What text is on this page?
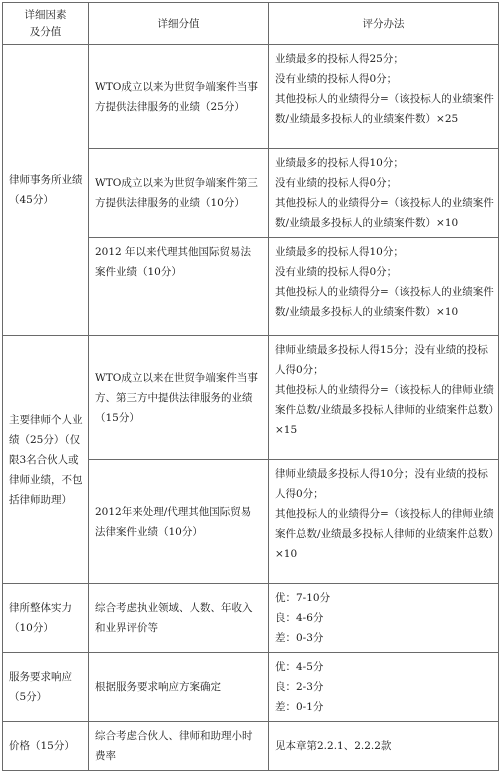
详细因素
及分值	详细分值	评分办法
律师事务所业绩（45分）	WTO成立以来为世贸争端案件当事方提供法律服务的业绩（25分）	业绩最多的投标人得25分；
没有业绩的投标人得0分；
其他投标人的业绩得分=（该投标人的业绩案件数/业绩最多投标人的业绩案件数）×25

	WTO成立以来为世贸争端案件第三方提供法律服务的业绩（10分）	业绩最多的投标人得10分；
没有业绩的投标人得0分；
其他投标人的业绩得分=（该投标人的业绩案件数/业绩最多投标人的业绩案件数）×10

	2012 年以来代理其他国际贸易法案件业绩（10分）	业绩最多的投标人得10分；
没有业绩的投标人得0分；
其他投标人的业绩得分=（该投标人的业绩案件数/业绩最多投标人的业绩案件数）×10

主要律师个人业绩（25分）（仅限3名合伙人或律师业绩，不包括律师助理）	WTO成立以来在世贸争端案件当事方、第三方中提供法律服务的业绩（15分）	律师业绩最多投标人得15分；没有业绩的投标人得0分；
其他投标人的业绩得分=（该投标人的律师业绩案件总数/业绩最多投标人律师的业绩案件总数）×15

	2012年来处理/代理其他国际贸易法律案件业绩（10分）	律师业绩最多投标人得10分；没有业绩的投标人得0分；
其他投标人的业绩得分=（该投标人的律师业绩案件总数/业绩最多投标人律师的业绩案件总数）×10

律所整体实力（10分）	综合考虑执业领域、人数、年收入和业界评价等	优：7-10分
良：4-6分
差：0-3分

服务要求响应（5分）	根据服务要求响应方案确定	优：4-5分
良：2-3分
差：0-1分

价格（15分）	综合考虑合伙人、律师和助理小时费率	见本章第2.2.1、2.2.2款
